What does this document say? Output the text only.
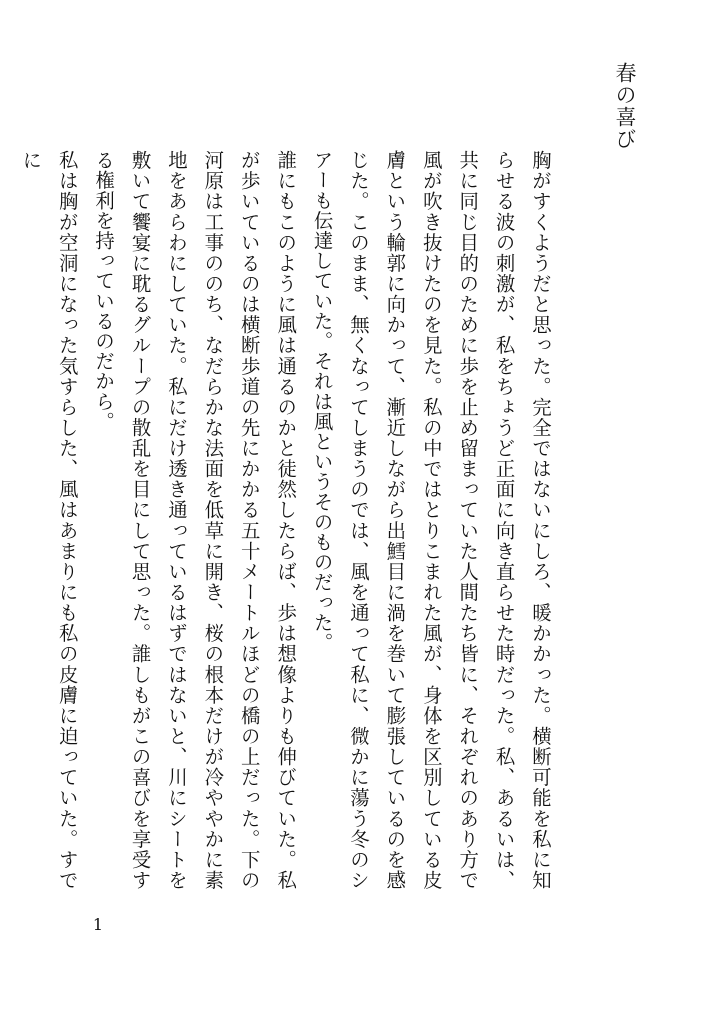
春の喜び

胸がすくようだと思った。完全ではないにしろ、暖かかった。横断可能を私に知らせる波の刺激が、私をちょうど正面に向き直らせた時だった。私、あるいは、共に同じ目的のために歩を止め留まっていた人間たち皆に、それぞれのあり方で風が吹き抜けたのを見た。私の中ではとりこまれた風が、身体を区別している皮膚という輪郭に向かって、漸近しながら出鱈目に渦を巻いて膨張しているのを感じた。このまま、無くなってしまうのでは、風を通って私に、微かに蕩う冬のシアーも伝達していた。それは風というそのものだった。

誰にもこのように風は通るのかと徒然したらば、歩は想像よりも伸びていた。私が歩いているのは横断歩道の先にかかる五十メートルほどの橋の上だった。下の河原は工事ののち、なだらかな法面を低草に開き、桜の根本だけが冷ややかに素地をあらわにしていた。私にだけ透き通っているはずではないと、川にシートを敷いて饗宴に耽るグループの散乱を目にして思った。誰しもがこの喜びを享受する権利を持っているのだから。

私は胸が空洞になった気すらした、風はあまりにも私の皮膚に迫っていた。すでに

1
